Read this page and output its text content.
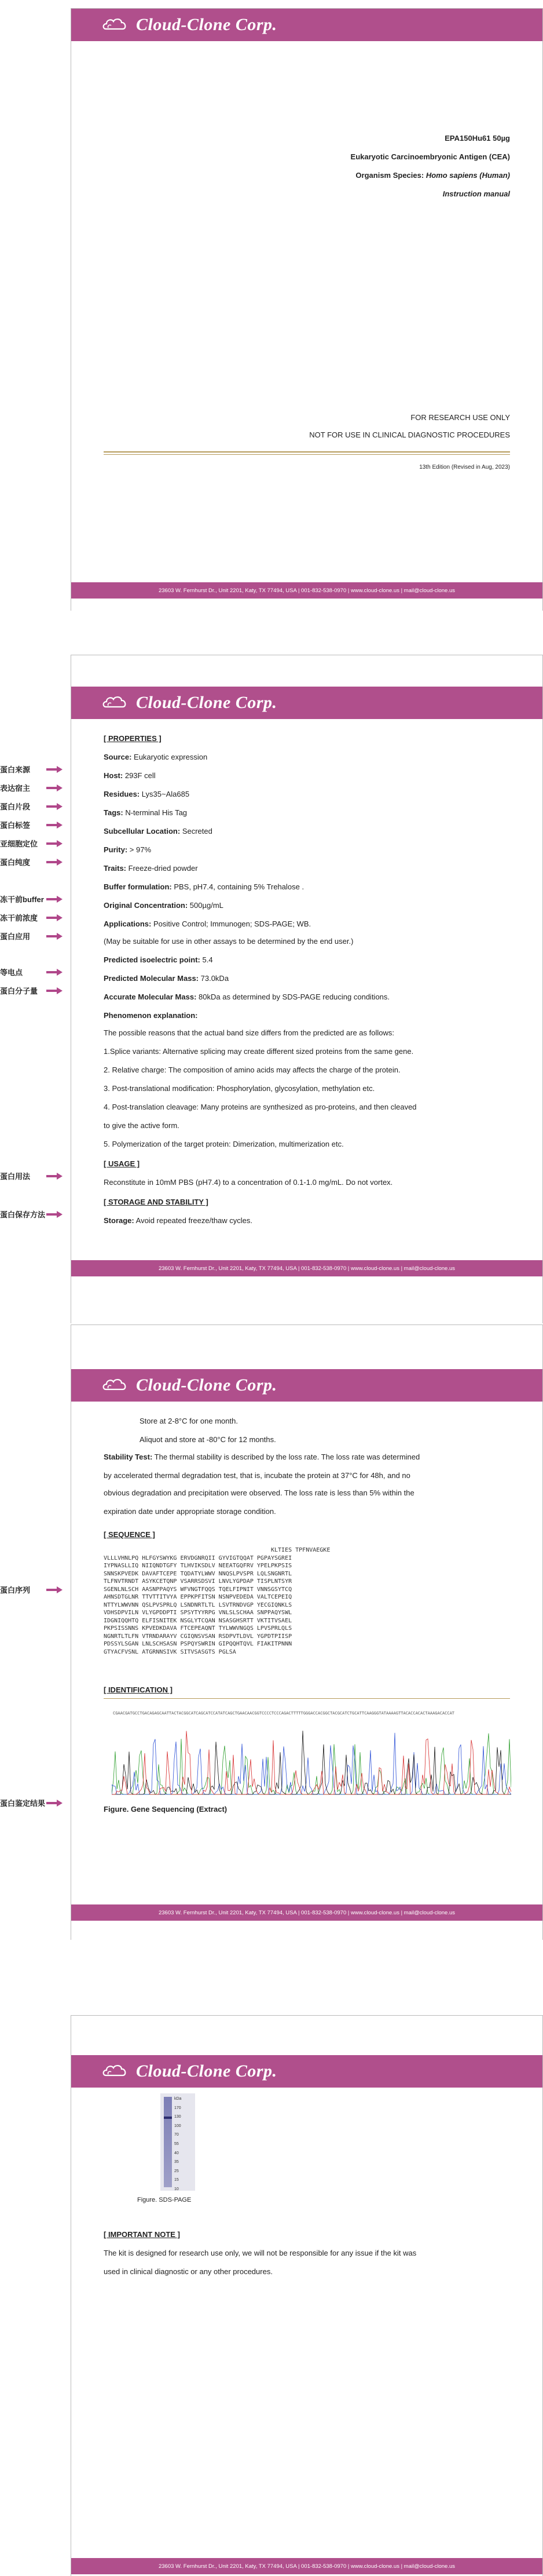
Cloud-Clone Corp.
EPA150Hu61 50µg
Eukaryotic Carcinoembryonic Antigen (CEA)
Organism Species: Homo sapiens (Human)
Instruction manual
FOR RESEARCH USE ONLY
NOT FOR USE IN CLINICAL DIAGNOSTIC PROCEDURES
13th Edition (Revised in Aug, 2023)
23603 W. Fernhurst Dr., Unit 2201, Katy, TX 77494, USA | 001-832-538-0970 | www.cloud-clone.us | mail@cloud-clone.us
Cloud-Clone Corp.
[ PROPERTIES ]
Source: Eukaryotic expression
Host: 293F cell
Residues: Lys35~Ala685
Tags: N-terminal His Tag
Subcellular Location: Secreted
Purity: > 97%
Traits: Freeze-dried powder
Buffer formulation: PBS, pH7.4, containing 5% Trehalose .
Original Concentration: 500µg/mL
Applications: Positive Control; Immunogen; SDS-PAGE; WB.
(May be suitable for use in other assays to be determined by the end user.)
Predicted isoelectric point: 5.4
Predicted Molecular Mass: 73.0kDa
Accurate Molecular Mass: 80kDa as determined by SDS-PAGE reducing conditions.
Phenomenon explanation:
The possible reasons that the actual band size differs from the predicted are as follows:
1.Splice variants: Alternative splicing may create different sized proteins from the same gene.
2. Relative charge: The composition of amino acids may affects the charge of the protein.
3. Post-translational modification: Phosphorylation, glycosylation, methylation etc.
4. Post-translation cleavage: Many proteins are synthesized as pro-proteins, and then cleaved
to give the active form.
5. Polymerization of the target protein: Dimerization, multimerization etc.
[ USAGE ]
Reconstitute in 10mM PBS (pH7.4) to a concentration of 0.1-1.0 mg/mL. Do not vortex.
[ STORAGE AND STABILITY ]
Storage: Avoid repeated freeze/thaw cycles.
23603 W. Fernhurst Dr., Unit 2201, Katy, TX 77494, USA | 001-832-538-0970 | www.cloud-clone.us | mail@cloud-clone.us
蛋白来源
表达宿主
蛋白片段
蛋白标签
亚细胞定位
蛋白纯度
冻干前buffer
冻干前浓度
蛋白应用
等电点
蛋白分子量
蛋白用法
蛋白保存方法
Cloud-Clone Corp.
Store at 2-8°C for one month.
Aliquot and store at -80°C for 12 months.
Stability Test: The thermal stability is described by the loss rate. The loss rate was determined
by accelerated thermal degradation test, that is, incubate the protein at 37°C for 48h, and no
obvious degradation and precipitation were observed. The loss rate is less than 5% within the
expiration date under appropriate storage condition.
[ SEQUENCE ]
KLTIES TPFNVAEGKE
VLLLVHNLPQ HLFGYSWYKG ERVDGNRQII GYVIGTQQAT PGPAYSGREI
IYPNASLLIQ NIIQNDTGFY TLHVIKSDLV NEEATGQFRV YPELPKPSIS
SNNSKPVEDK DAVAFTCEPE TQDATYLWWV NNQSLPVSPR LQLSNGNRTL
TLFNVTRNDT ASYKCETQNP VSARRSDSVI LNVLYGPDAP TISPLNTSYR
SGENLNLSCH AASNPPAQYS WFVNGTFQQS TQELFIPNIT VNNSGSYTCQ
AHNSDTGLNR TTVTTITVYA EPPKPFITSN NSNPVEDEDA VALTCEPEIQ
NTTYLWWVNN QSLPVSPRLQ LSNDNRTLTL LSVTRNDVGP YECGIQNKLS
VDHSDPVILN VLYGPDDPTI SPSYTYYRPG VNLSLSCHAA SNPPAQYSWL
IDGNIQQHTQ ELFISNITEK NSGLYTCQAN NSASGHSRTT VKTITVSAEL
PKPSISSNNS KPVEDKDAVA FTCEPEAQNT TYLWWVNGQS LPVSPRLQLS
NGNRTLTLFN VTRNDARAYV CGIQNSVSAN RSDPVTLDVL YGPDTPIISP
PDSSYLSGAN LNLSCHSASN PSPQYSWRIN GIPQQHTQVL FIAKITPNNN
GTYACFVSNL ATGRNNSIVK SITVSASGTS PGLSA
[ IDENTIFICATION ]
CGAACGATGCCTGACAGAGCAATTACTACGGCATCAGCATCCATATCAGCTGAACAACGGTCCCCTCCCAGACTTTTTGGGACCACGGCTACGCATCTGCATTCAAGGGTATAAAAGTTACACCACACTAAAGACACCAT
Figure. Gene Sequencing (Extract)
23603 W. Fernhurst Dr., Unit 2201, Katy, TX 77494, USA | 001-832-538-0970 | www.cloud-clone.us | mail@cloud-clone.us
蛋白序列
蛋白鉴定结果
Cloud-Clone Corp.
kDa
170
130
100
70
55
40
35
25
15
10
Figure. SDS-PAGE
[ IMPORTANT NOTE ]
The kit is designed for research use only, we will not be responsible for any issue if the kit was
used in clinical diagnostic or any other procedures.
23603 W. Fernhurst Dr., Unit 2201, Katy, TX 77494, USA | 001-832-538-0970 | www.cloud-clone.us | mail@cloud-clone.us
